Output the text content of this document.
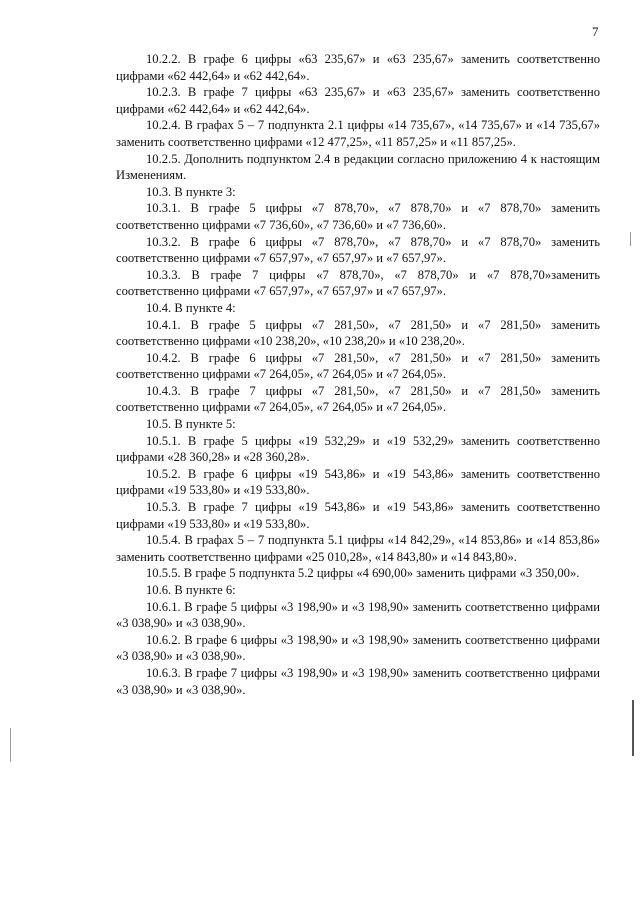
7

10.2.2. В графе 6 цифры «63 235,67» и «63 235,67» заменить соответственно цифрами «62 442,64» и «62 442,64».

10.2.3. В графе 7 цифры «63 235,67» и «63 235,67» заменить соответственно цифрами «62 442,64» и «62 442,64».

10.2.4. В графах 5 – 7 подпункта 2.1 цифры «14 735,67», «14 735,67» и «14 735,67» заменить соответственно цифрами «12 477,25», «11 857,25» и «11 857,25».

10.2.5. Дополнить подпунктом 2.4 в редакции согласно приложению 4 к настоящим Изменениям.

10.3. В пункте 3:

10.3.1. В графе 5 цифры «7 878,70», «7 878,70» и «7 878,70» заменить соответственно цифрами «7 736,60», «7 736,60» и «7 736,60».

10.3.2. В графе 6 цифры «7 878,70», «7 878,70» и «7 878,70» заменить соответственно цифрами «7 657,97», «7 657,97» и «7 657,97».

10.3.3. В графе 7 цифры «7 878,70», «7 878,70» и «7 878,70»заменить соответственно цифрами «7 657,97», «7 657,97» и «7 657,97».

10.4. В пункте 4:

10.4.1. В графе 5 цифры «7 281,50», «7 281,50» и «7 281,50» заменить соответственно цифрами «10 238,20», «10 238,20» и «10 238,20».

10.4.2. В графе 6 цифры «7 281,50», «7 281,50» и «7 281,50» заменить соответственно цифрами «7 264,05», «7 264,05» и «7 264,05».

10.4.3. В графе 7 цифры «7 281,50», «7 281,50» и «7 281,50» заменить соответственно цифрами «7 264,05», «7 264,05» и «7 264,05».

10.5. В пункте 5:

10.5.1. В графе 5 цифры «19 532,29» и «19 532,29» заменить соответственно цифрами «28 360,28» и «28 360,28».

10.5.2. В графе 6 цифры «19 543,86» и «19 543,86» заменить соответственно цифрами «19 533,80» и «19 533,80».

10.5.3. В графе 7 цифры «19 543,86» и «19 543,86» заменить соответственно цифрами «19 533,80» и «19 533,80».

10.5.4. В графах 5 – 7 подпункта 5.1 цифры «14 842,29», «14 853,86» и «14 853,86» заменить соответственно цифрами «25 010,28», «14 843,80» и «14 843,80».

10.5.5. В графе 5 подпункта 5.2 цифры «4 690,00» заменить цифрами «3 350,00».

10.6. В пункте 6:

10.6.1. В графе 5 цифры «3 198,90» и «3 198,90» заменить соответственно цифрами «3 038,90» и «3 038,90».

10.6.2. В графе 6 цифры «3 198,90» и «3 198,90» заменить соответственно цифрами «3 038,90» и «3 038,90».

10.6.3. В графе 7 цифры «3 198,90» и «3 198,90» заменить соответственно цифрами «3 038,90» и «3 038,90».
